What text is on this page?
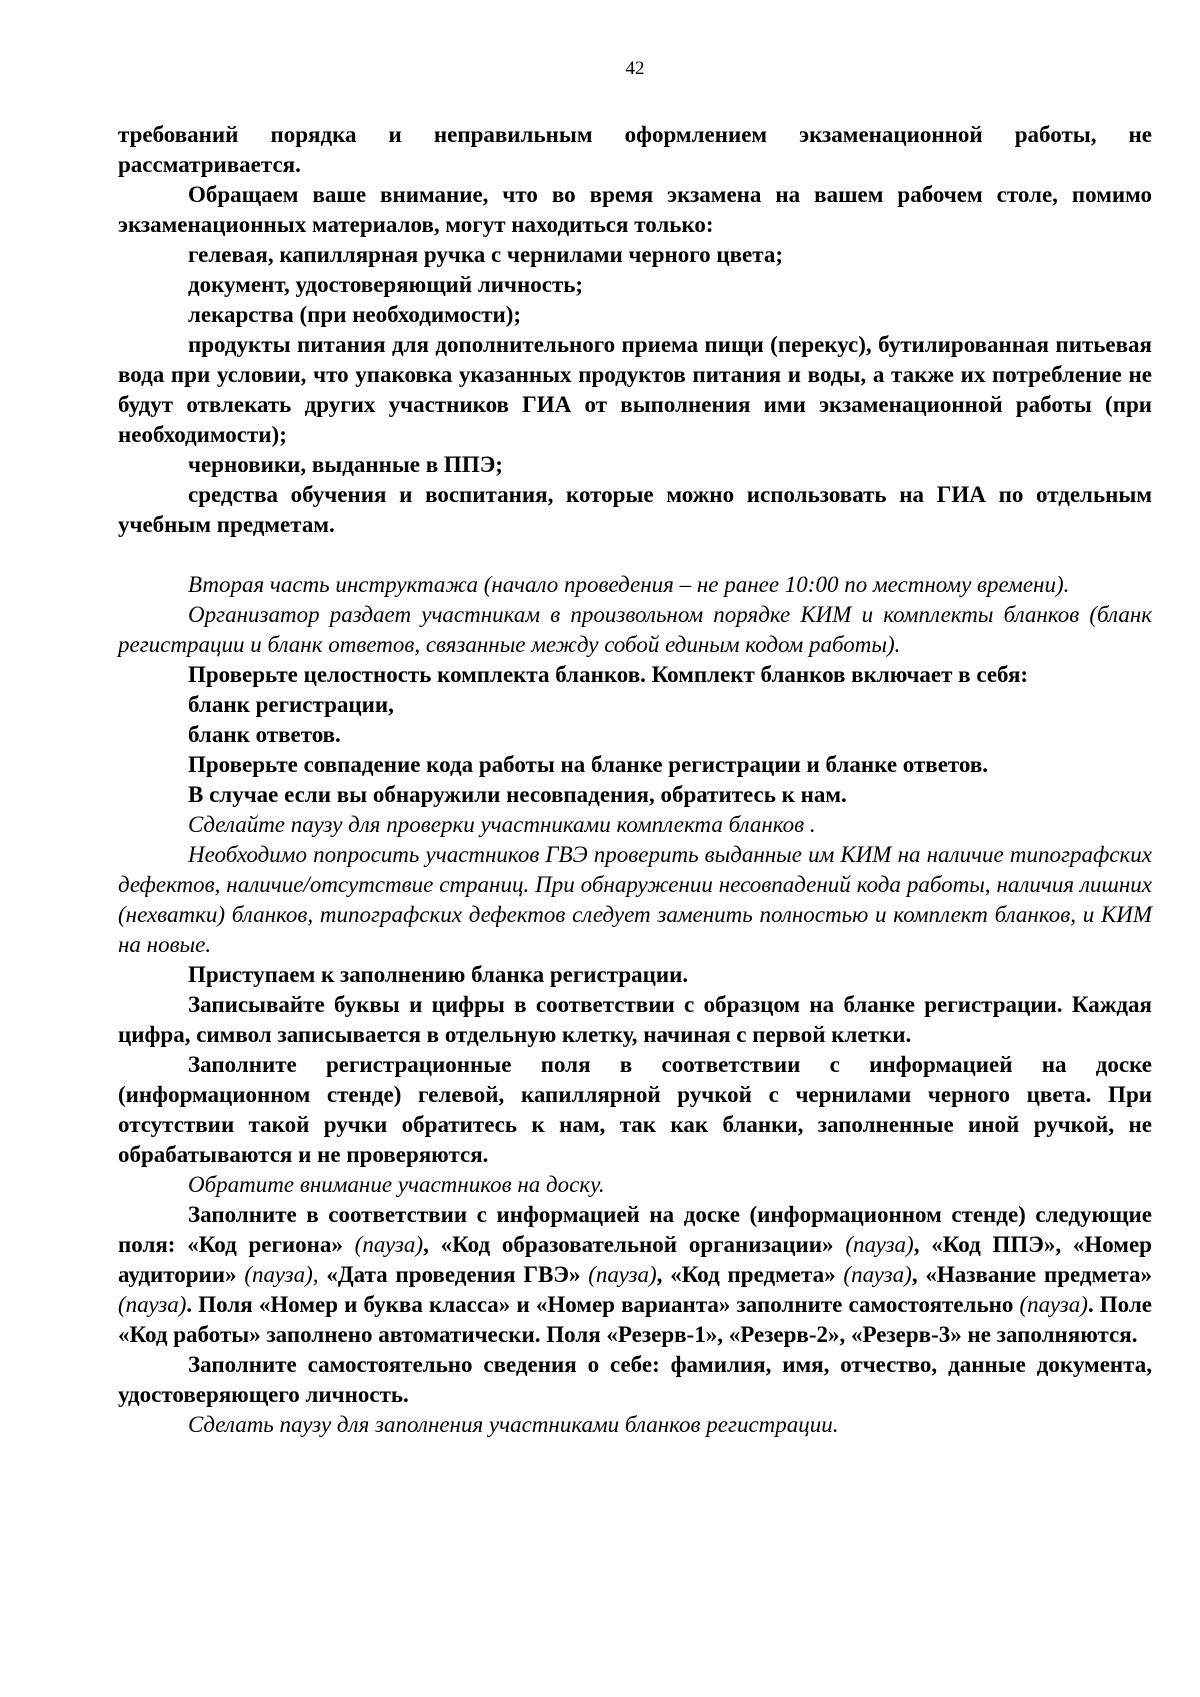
42

требований порядка и неправильным оформлением экзаменационной работы, не рассматривается.

Обращаем ваше внимание, что во время экзамена на вашем рабочем столе, помимо экзаменационных материалов, могут находиться только:

гелевая, капиллярная ручка с чернилами черного цвета;

документ, удостоверяющий личность;

лекарства (при необходимости);

продукты питания для дополнительного приема пищи (перекус), бутилированная питьевая вода при условии, что упаковка указанных продуктов питания и воды, а также их потребление не будут отвлекать других участников ГИА от выполнения ими экзаменационной работы (при необходимости);

черновики, выданные в ППЭ;

средства обучения и воспитания, которые можно использовать на ГИА по отдельным учебным предметам.

Вторая часть инструктажа (начало проведения – не ранее 10:00 по местному времени).

Организатор раздает участникам в произвольном порядке КИМ и комплекты бланков (бланк регистрации и бланк ответов, связанные между собой единым кодом работы).

Проверьте целостность комплекта бланков. Комплект бланков включает в себя:

бланк регистрации,

бланк ответов.

Проверьте совпадение кода работы на бланке регистрации и бланке ответов.

В случае если вы обнаружили несовпадения, обратитесь к нам.

Сделайте паузу для проверки участниками комплекта бланков .

Необходимо попросить участников ГВЭ проверить выданные им КИМ на наличие типографских дефектов, наличие/отсутствие страниц. При обнаружении несовпадений кода работы, наличия лишних (нехватки) бланков, типографских дефектов следует заменить полностью и комплект бланков, и КИМ на новые.

Приступаем к заполнению бланка регистрации.

Записывайте буквы и цифры в соответствии с образцом на бланке регистрации. Каждая цифра, символ записывается в отдельную клетку, начиная с первой клетки.

Заполните регистрационные поля в соответствии с информацией на доске (информационном стенде) гелевой, капиллярной ручкой с чернилами черного цвета. При отсутствии такой ручки обратитесь к нам, так как бланки, заполненные иной ручкой, не обрабатываются и не проверяются.

Обратите внимание участников на доску.

Заполните в соответствии с информацией на доске (информационном стенде) следующие поля: «Код региона» (пауза), «Код образовательной организации» (пауза), «Код ППЭ», «Номер аудитории» (пауза), «Дата проведения ГВЭ» (пауза), «Код предмета» (пауза), «Название предмета» (пауза). Поля «Номер и буква класса» и «Номер варианта» заполните самостоятельно (пауза). Поле «Код работы» заполнено автоматически. Поля «Резерв-1», «Резерв-2», «Резерв-3» не заполняются.

Заполните самостоятельно сведения о себе: фамилия, имя, отчество, данные документа, удостоверяющего личность.

Сделать паузу для заполнения участниками бланков регистрации.
